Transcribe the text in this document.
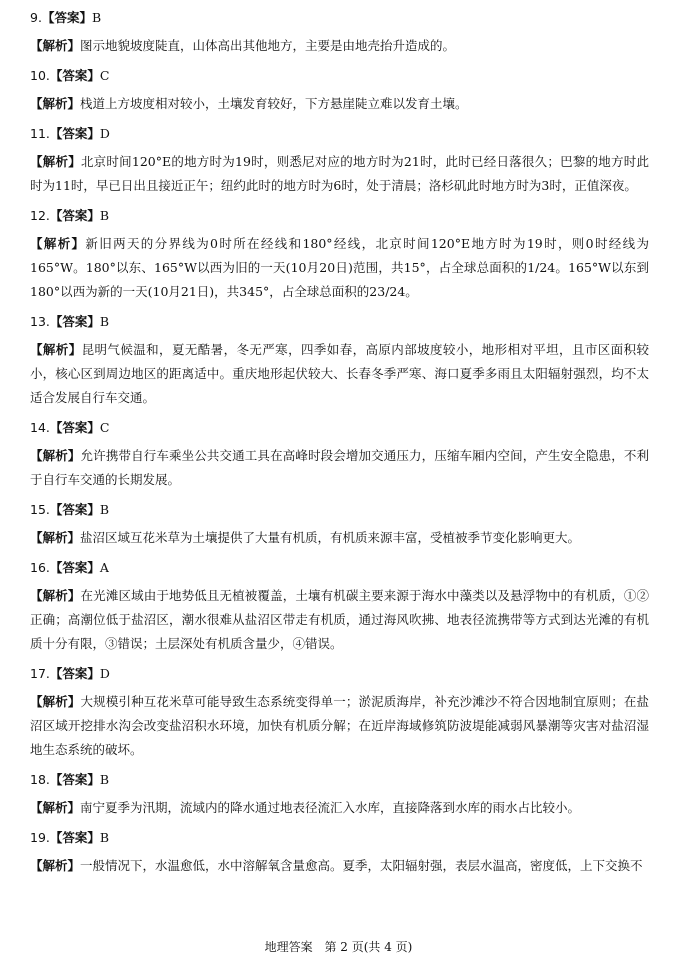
9.【答案】B

【解析】图示地貌坡度陡直，山体高出其他地方，主要是由地壳抬升造成的。

10.【答案】C

【解析】栈道上方坡度相对较小，土壤发育较好，下方悬崖陡立难以发育土壤。

11.【答案】D

【解析】北京时间120°E的地方时为19时，则悉尼对应的地方时为21时，此时已经日落很久；巴黎的地方时此时为11时，早已日出且接近正午；纽约此时的地方时为6时，处于清晨；洛杉矶此时地方时为3时，正值深夜。

12.【答案】B

【解析】新旧两天的分界线为0时所在经线和180°经线，北京时间120°E地方时为19时，则0时经线为165°W。180°以东、165°W以西为旧的一天(10月20日)范围，共15°，占全球总面积的1/24。165°W以东到180°以西为新的一天(10月21日)，共345°，占全球总面积的23/24。

13.【答案】B

【解析】昆明气候温和，夏无酷暑，冬无严寒，四季如春，高原内部坡度较小，地形相对平坦，且市区面积较小，核心区到周边地区的距离适中。重庆地形起伏较大、长春冬季严寒、海口夏季多雨且太阳辐射强烈，均不太适合发展自行车交通。

14.【答案】C

【解析】允许携带自行车乘坐公共交通工具在高峰时段会增加交通压力，压缩车厢内空间，产生安全隐患，不利于自行车交通的长期发展。

15.【答案】B

【解析】盐沼区域互花米草为土壤提供了大量有机质，有机质来源丰富，受植被季节变化影响更大。

16.【答案】A

【解析】在光滩区域由于地势低且无植被覆盖，土壤有机碳主要来源于海水中藻类以及悬浮物中的有机质，①②正确；高潮位低于盐沼区，潮水很难从盐沼区带走有机质，通过海风吹拂、地表径流携带等方式到达光滩的有机质十分有限，③错误；土层深处有机质含量少，④错误。

17.【答案】D

【解析】大规模引种互花米草可能导致生态系统变得单一；淤泥质海岸，补充沙滩沙不符合因地制宜原则；在盐沼区域开挖排水沟会改变盐沼积水环境，加快有机质分解；在近岸海域修筑防波堤能减弱风暴潮等灾害对盐沼湿地生态系统的破坏。

18.【答案】B

【解析】南宁夏季为汛期，流域内的降水通过地表径流汇入水库，直接降落到水库的雨水占比较小。

19.【答案】B

【解析】一般情况下，水温愈低，水中溶解氧含量愈高。夏季，太阳辐射强，表层水温高，密度低，上下交换不

地理答案 第 2 页(共 4 页)
